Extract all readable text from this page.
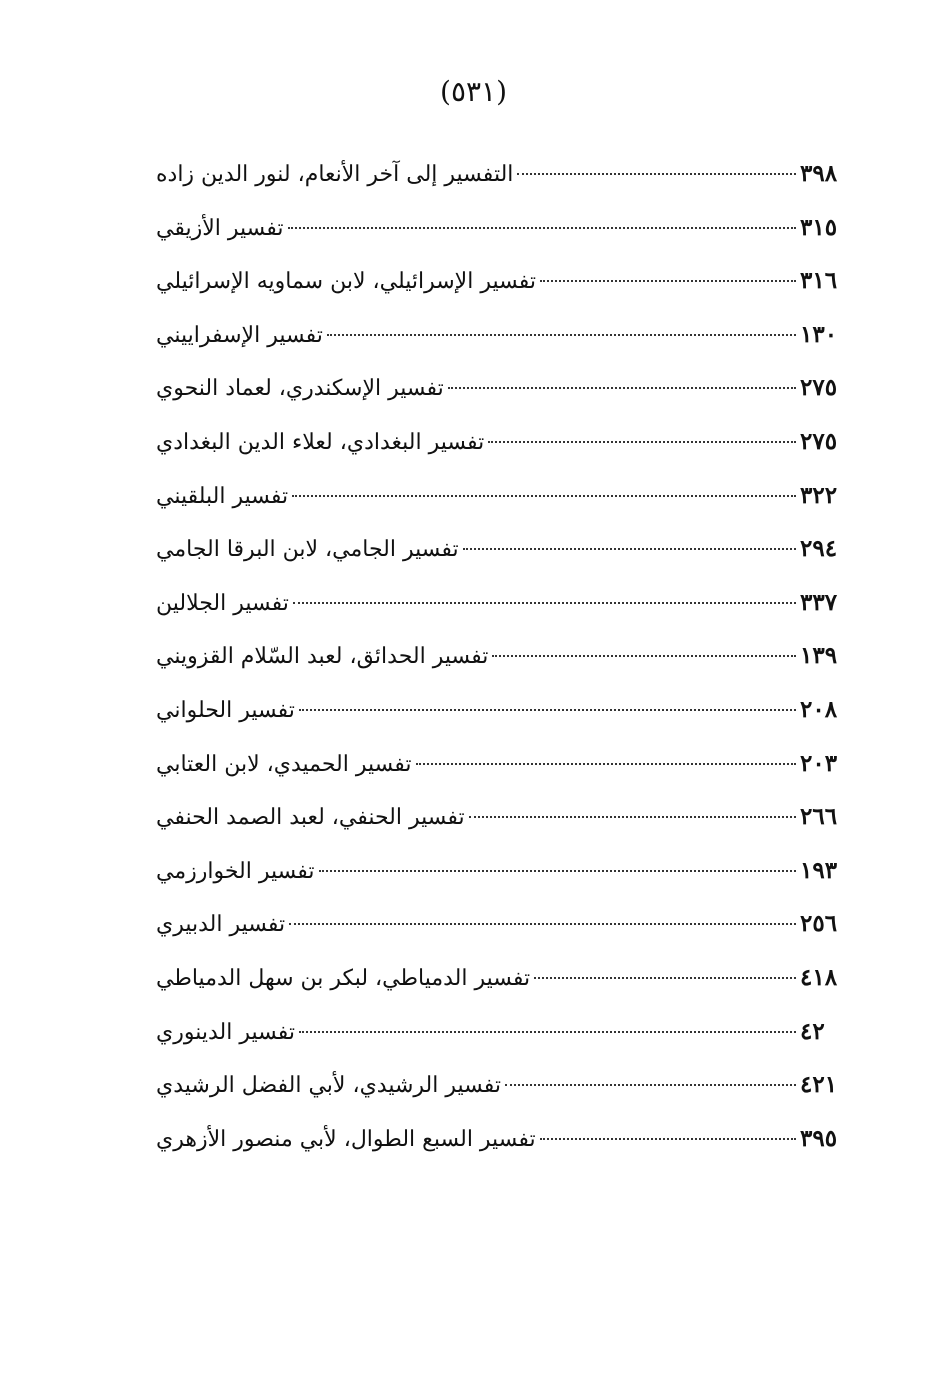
(٥٣١)
التفسير إلى آخر الأنعام، لنور الدين زاده	٣٩٨
تفسير الأزيقي	٣١٥
تفسير الإسرائيلي، لابن سماويه الإسرائيلي	٣١٦
تفسير الإسفراييني	١٣٠
تفسير الإسكندري، لعماد النحوي	٢٧٥
تفسير البغدادي، لعلاء الدين البغدادي	٢٧٥
تفسير البلقيني	٣٢٢
تفسير الجامي، لابن البرقا الجامي	٢٩٤
تفسير الجلالين	٣٣٧
تفسير الحدائق، لعبد السّلام القزويني	١٣٩
تفسير الحلواني	٢٠٨
تفسير الحميدي، لابن العتابي	٢٠٣
تفسير الحنفي، لعبد الصمد الحنفي	٢٦٦
تفسير الخوارزمي	١٩٣
تفسير الدبيري	٢٥٦
تفسير الدمياطي، لبكر بن سهل الدمياطي	٤١٨
تفسير الدينوري	٤٢
تفسير الرشيدي، لأبي الفضل الرشيدي	٤٢١
تفسير السبع الطوال، لأبي منصور الأزهري	٣٩٥
